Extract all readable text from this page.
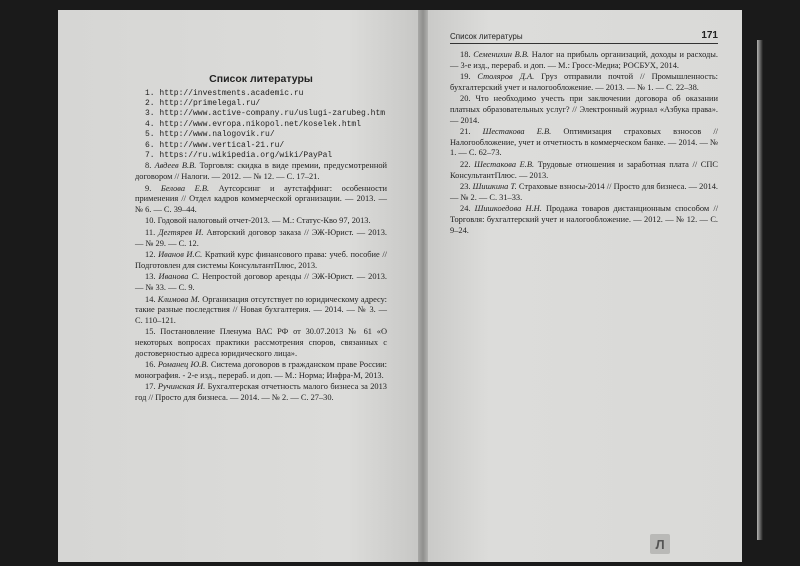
Список литературы

1. http://investments.academic.ru

2. http://primelegal.ru/

3. http://www.active-company.ru/uslugi-zarubeg.htm

4. http://www.evropa.nikopol.net/koselek.html

5. http://www.nalogovik.ru/

6. http://www.vertical-21.ru/

7. https://ru.wikipedia.org/wiki/PayPal

8. Авдеев В.В. Торговля: скидка в виде премии, предусмотренной договором // Налоги. — 2012. — № 12. — С. 17–21.

9. Белова Е.В. Аутсорсинг и аутстаффинг: особенности применения // Отдел кадров коммерческой организации. — 2013. — № 6. — С. 39–44.

10. Годовой налоговый отчет-2013. — М.: Статус-Кво 97, 2013.

11. Дегтярев И. Авторский договор заказа // ЭЖ-Юрист. — 2013. — № 29. — С. 12.

12. Иванов И.С. Краткий курс финансового права: учеб. пособие // Подготовлен для системы КонсультантПлюс, 2013.

13. Иванова С. Непростой договор аренды // ЭЖ-Юрист. — 2013. — № 33. — С. 9.

14. Климова М. Организация отсутствует по юридическому адресу: такие разные последствия // Новая бухгалтерия. — 2014. — № 3. — С. 110–121.

15. Постановление Пленума ВАС РФ от 30.07.2013 № 61 «О некоторых вопросах практики рассмотрения споров, связанных с достоверностью адреса юридического лица».

16. Романец Ю.В. Система договоров в гражданском праве России: монография. - 2-е изд., перераб. и доп. — М.: Норма; Инфра-М, 2013.

17. Ручинская И. Бухгалтерская отчетность малого бизнеса за 2013 год // Просто для бизнеса. — 2014. — № 2. — С. 27–30.

Список литературы	171

18. Семенихин В.В. Налог на прибыль организаций, доходы и расходы. — 3-е изд., перераб. и доп. — М.: Гросс-Медиа; РОСБУХ, 2014.

19. Столяров Д.А. Груз отправили почтой // Промышленность: бухгалтерский учет и налогообложение. — 2013. — № 1. — С. 22–38.

20. Что необходимо учесть при заключении договора об оказании платных образовательных услуг? // Электронный журнал «Азбука права». — 2014.

21. Шестакова Е.В. Оптимизация страховых взносов // Налогообложение, учет и отчетность в коммерческом банке. — 2014. — № 1. — С. 62–73.

22. Шестакова Е.В. Трудовые отношения и заработная плата // СПС КонсультантПлюс. — 2013.

23. Шишкина Т. Страховые взносы-2014 // Просто для бизнеса. — 2014. — № 2. — С. 31–33.

24. Шишкоедова Н.Н. Продажа товаров дистанционным способом // Торговля: бухгалтерский учет и налогообложение. — 2012. — № 12. — С. 9–24.

Л
